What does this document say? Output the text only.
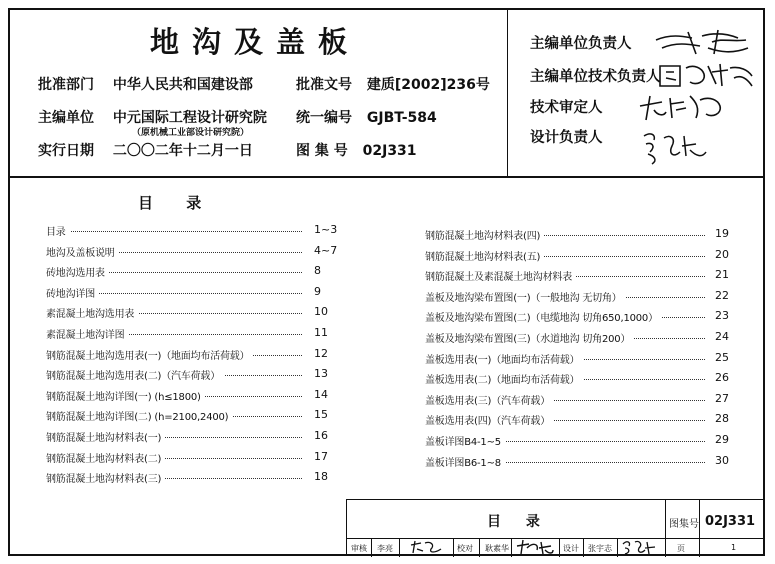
地沟及盖板
批准部门 中华人民共和国建设部	批准文号 建质[2002]236号
主编单位 中元国际工程设计研究院
（原机械工业部设计研究院）
统一编号 GJBT-584
实行日期 二〇〇二年十二月一日	图 集 号 02J331
主编单位负责人
主编单位技术负责人
技术审定人
设计负责人
目 录
目录	1~3
地沟及盖板说明	4~7
砖地沟选用表	8
砖地沟详图	9
素混凝土地沟选用表	10
素混凝土地沟详图	11
钢筋混凝土地沟选用表(一)（地面均布活荷载）	12
钢筋混凝土地沟选用表(二)（汽车荷载）	13
钢筋混凝土地沟详图(一) (h≤1800)	14
钢筋混凝土地沟详图(二) (h=2100,2400)	15
钢筋混凝土地沟材料表(一)	16
钢筋混凝土地沟材料表(二)	17
钢筋混凝土地沟材料表(三)	18
钢筋混凝土地沟材料表(四)	19
钢筋混凝土地沟材料表(五)	20
钢筋混凝土及素混凝土地沟材料表	21
盖板及地沟梁布置图(一)（一般地沟 无切角）	22
盖板及地沟梁布置图(二)（电缆地沟 切角650,1000）	23
盖板及地沟梁布置图(三)（水道地沟 切角200）	24
盖板选用表(一)（地面均布活荷载）	25
盖板选用表(二)（地面均布活荷载）	26
盖板选用表(三)（汽车荷载）	27
盖板选用表(四)（汽车荷载）	28
盖板详图B4-1~5	29
盖板详图B6-1~8	30
目 录	图集号 02J331
审核 李亮	校对 耿素华	设计 张宇志	页	1
